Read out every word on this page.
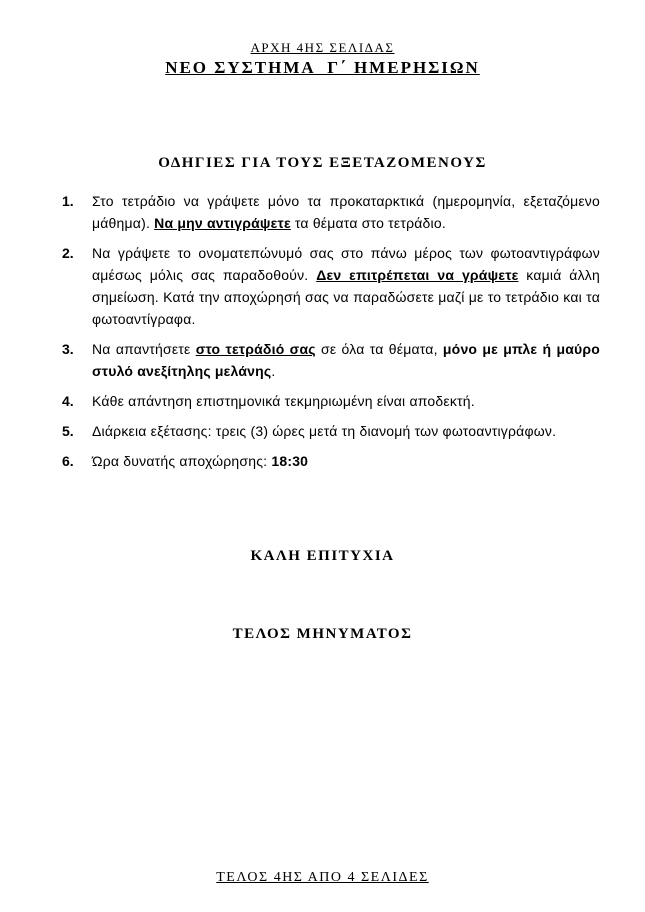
ΑΡΧΗ 4ΗΣ ΣΕΛΙΔΑΣ
ΝΕΟ ΣΥΣΤΗΜΑ  Γ΄ ΗΜΕΡΗΣΙΩΝ
ΟΔΗΓΙΕΣ ΓΙΑ ΤΟΥΣ ΕΞΕΤΑΖΟΜΕΝΟΥΣ
1.	Στο τετράδιο να γράψετε μόνο τα προκαταρκτικά (ημερομηνία, εξεταζόμενο μάθημα). Να μην αντιγράψετε τα θέματα στο τετράδιο.
2.	Να γράψετε το ονοματεπώνυμό σας στο πάνω μέρος των φωτοαντιγράφων αμέσως μόλις σας παραδοθούν. Δεν επιτρέπεται να γράψετε καμιά άλλη σημείωση. Κατά την αποχώρησή σας να παραδώσετε μαζί με το τετράδιο και τα φωτοαντίγραφα.
3.	Να απαντήσετε στο τετράδιό σας σε όλα τα θέματα, μόνο με μπλε ή μαύρο στυλό ανεξίτηλης μελάνης.
4.	Κάθε απάντηση επιστημονικά τεκμηριωμένη είναι αποδεκτή.
5.	Διάρκεια εξέτασης: τρεις (3) ώρες μετά τη διανομή των φωτοαντιγράφων.
6.	Ώρα δυνατής αποχώρησης: 18:30
ΚΑΛΗ ΕΠΙΤΥΧΙΑ
ΤΕΛΟΣ ΜΗΝΥΜΑΤΟΣ
ΤΕΛΟΣ 4ΗΣ ΑΠΟ 4 ΣΕΛΙΔΕΣ
